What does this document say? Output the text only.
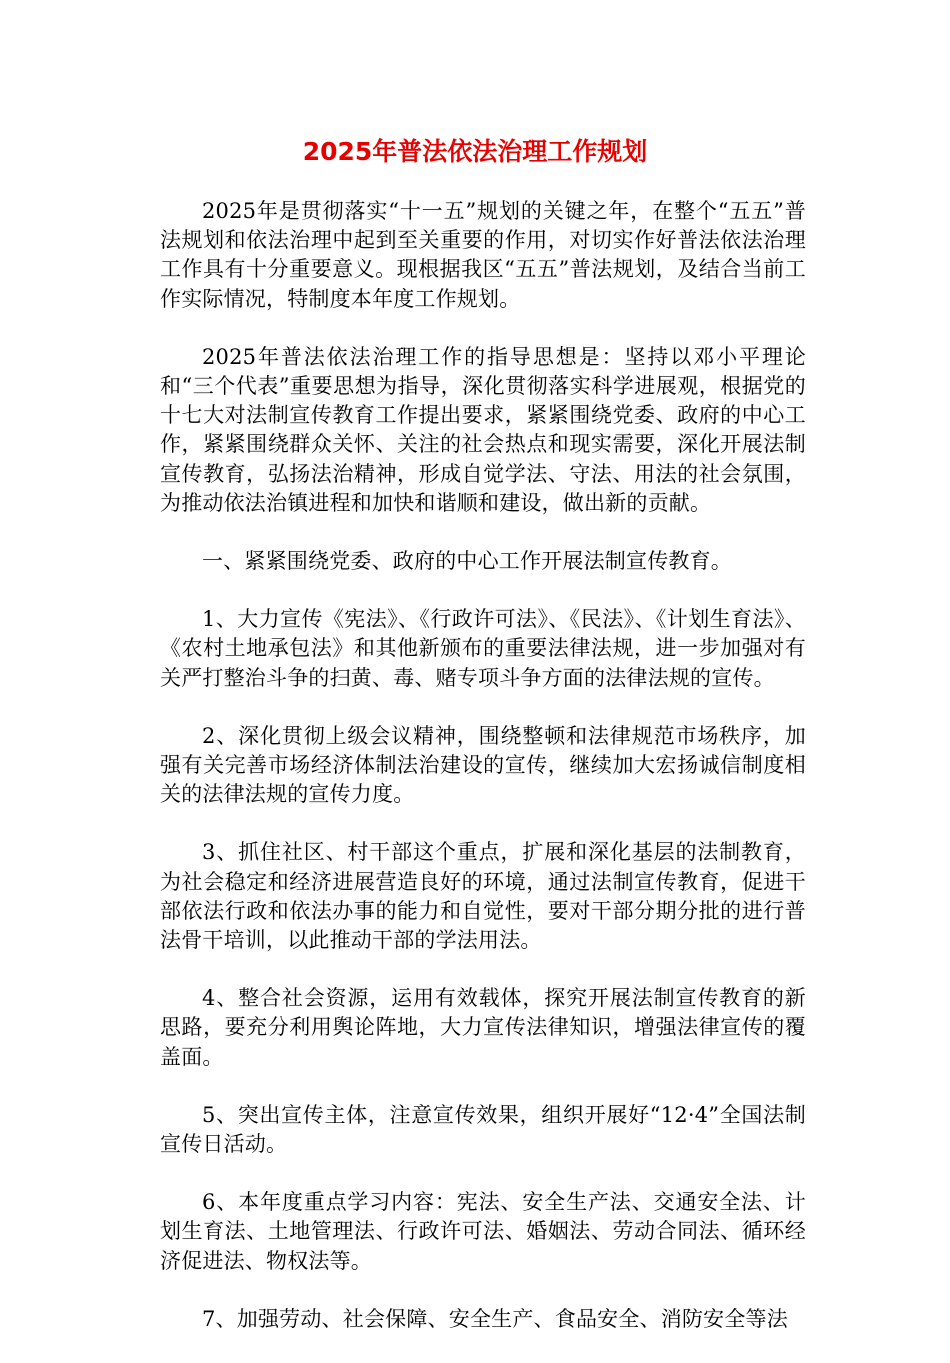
2025年普法依法治理工作规划

2025年是贯彻落实“十一五”规划的关键之年，在整个“五五”普法规划和依法治理中起到至关重要的作用，对切实作好普法依法治理工作具有十分重要意义。现根据我区“五五”普法规划，及结合当前工作实际情况，特制度本年度工作规划。

2025年普法依法治理工作的指导思想是：坚持以邓小平理论和“三个代表”重要思想为指导，深化贯彻落实科学进展观，根据党的十七大对法制宣传教育工作提出要求，紧紧围绕党委、政府的中心工作，紧紧围绕群众关怀、关注的社会热点和现实需要，深化开展法制宣传教育，弘扬法治精神，形成自觉学法、守法、用法的社会氛围，为推动依法治镇进程和加快和谐顺和建设，做出新的贡献。

一、紧紧围绕党委、政府的中心工作开展法制宣传教育。

1、大力宣传《宪法》、《行政许可法》、《民法》、《计划生育法》、《农村土地承包法》和其他新颁布的重要法律法规，进一步加强对有关严打整治斗争的扫黄、毒、赌专项斗争方面的法律法规的宣传。

2、深化贯彻上级会议精神，围绕整顿和法律规范市场秩序，加强有关完善市场经济体制法治建设的宣传，继续加大宏扬诚信制度相关的法律法规的宣传力度。

3、抓住社区、村干部这个重点，扩展和深化基层的法制教育，为社会稳定和经济进展营造良好的环境，通过法制宣传教育，促进干部依法行政和依法办事的能力和自觉性，要对干部分期分批的进行普法骨干培训，以此推动干部的学法用法。

4、整合社会资源，运用有效载体，探究开展法制宣传教育的新思路，要充分利用舆论阵地，大力宣传法律知识，增强法律宣传的覆盖面。

5、突出宣传主体，注意宣传效果，组织开展好“12·4”全国法制宣传日活动。

6、本年度重点学习内容：宪法、安全生产法、交通安全法、计划生育法、土地管理法、行政许可法、婚姻法、劳动合同法、循环经济促进法、物权法等。

7、加强劳动、社会保障、安全生产、食品安全、消防安全等法
